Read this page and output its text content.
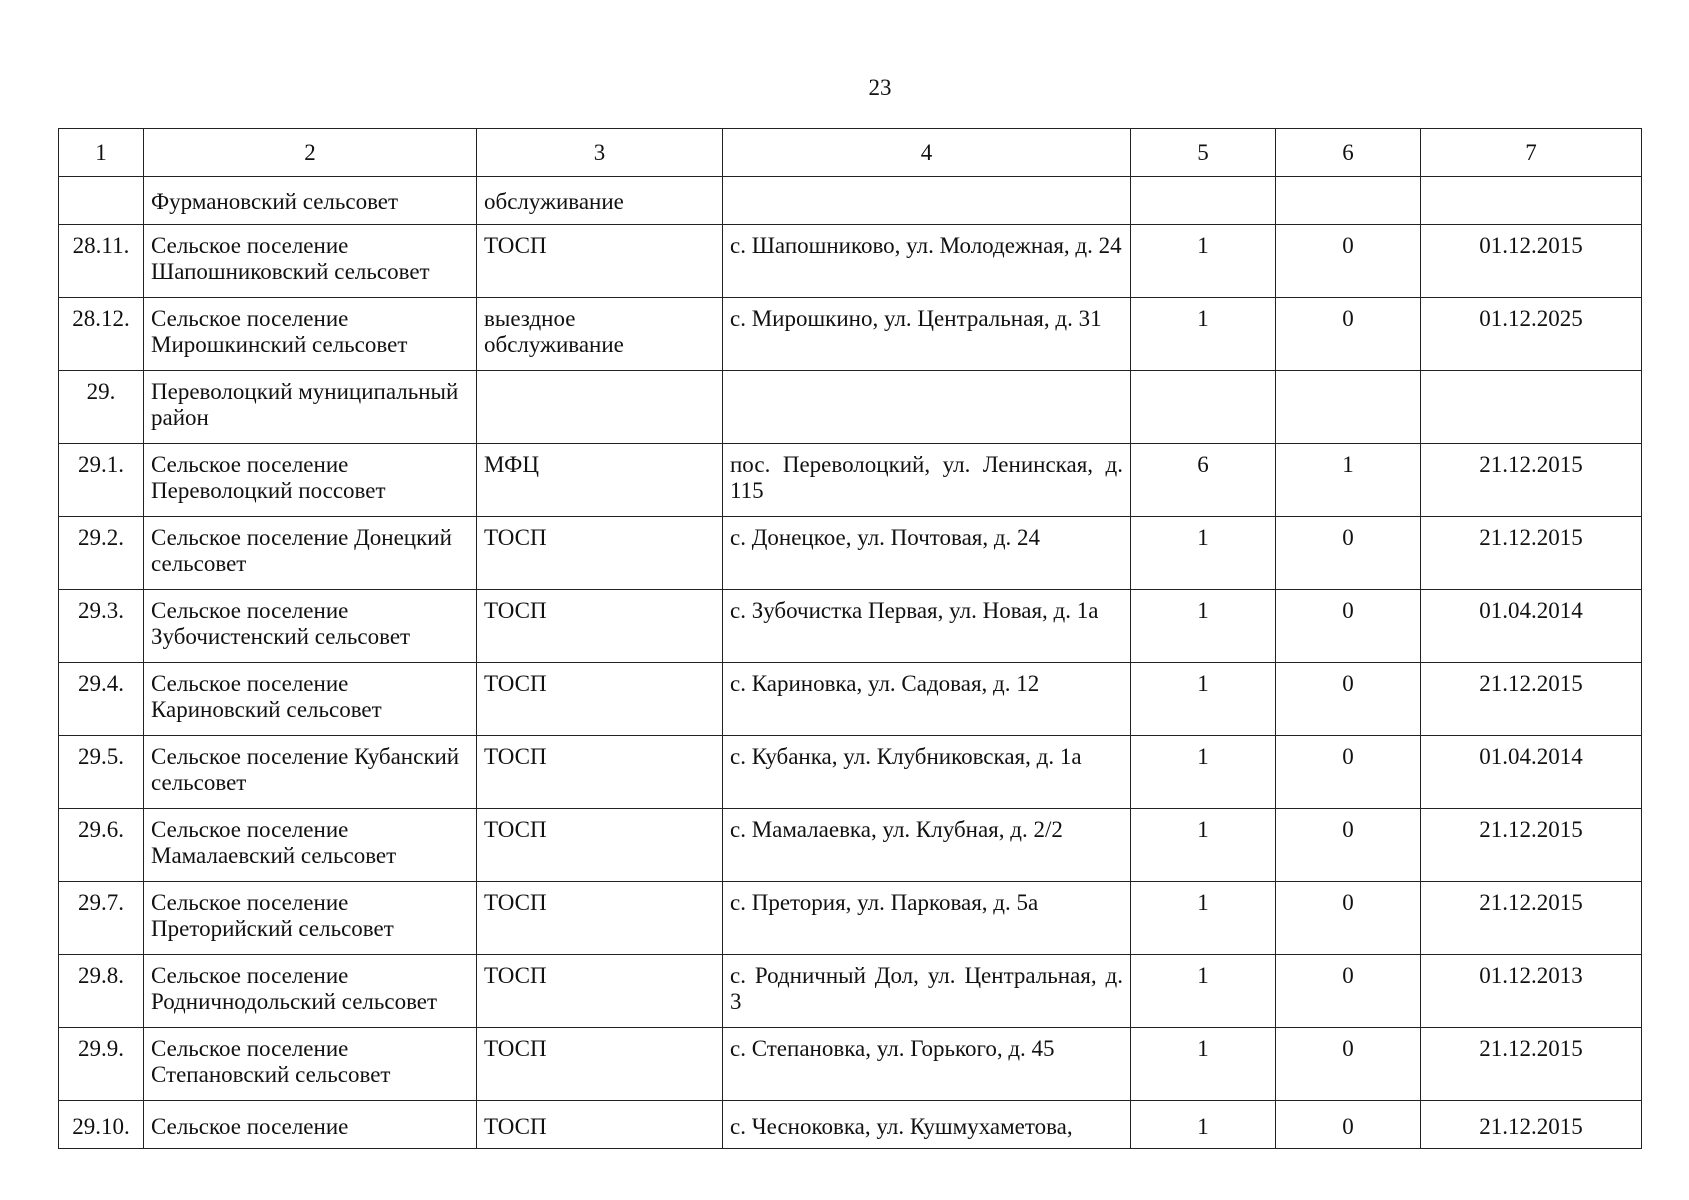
23
1	2	3	4	5	6	7
	Фурмановский сельсовет	обслуживание				
28.11.	Сельское поселение Шапошниковский сельсовет	ТОСП	с. Шапошниково, ул. Молодежная, д. 24	1	0	01.12.2015
28.12.	Сельское поселение Мирошкинский сельсовет	выездное обслуживание	с. Мирошкино, ул. Центральная, д. 31	1	0	01.12.2025
29.	Переволоцкий муниципальный район					
29.1.	Сельское поселение Переволоцкий поссовет	МФЦ	пос. Переволоцкий, ул. Ленинская, д. 115	6	1	21.12.2015
29.2.	Сельское поселение Донецкий сельсовет	ТОСП	с. Донецкое, ул. Почтовая, д. 24	1	0	21.12.2015
29.3.	Сельское поселение Зубочистенский сельсовет	ТОСП	с. Зубочистка Первая, ул. Новая, д. 1а	1	0	01.04.2014
29.4.	Сельское поселение Кариновский сельсовет	ТОСП	с. Кариновка, ул. Садовая, д. 12	1	0	21.12.2015
29.5.	Сельское поселение Кубанский сельсовет	ТОСП	с. Кубанка, ул. Клубниковская, д. 1а	1	0	01.04.2014
29.6.	Сельское поселение Мамалаевский сельсовет	ТОСП	с. Мамалаевка, ул. Клубная, д. 2/2	1	0	21.12.2015
29.7.	Сельское поселение Преторийский сельсовет	ТОСП	с. Претория, ул. Парковая, д. 5а	1	0	21.12.2015
29.8.	Сельское поселение Родничнодольский сельсовет	ТОСП	с. Родничный Дол, ул. Центральная, д. 3	1	0	01.12.2013
29.9.	Сельское поселение Степановский сельсовет	ТОСП	с. Степановка, ул. Горького, д. 45	1	0	21.12.2015
29.10.	Сельское поселение	ТОСП	с. Чесноковка, ул. Кушмухаметова,	1	0	21.12.2015
